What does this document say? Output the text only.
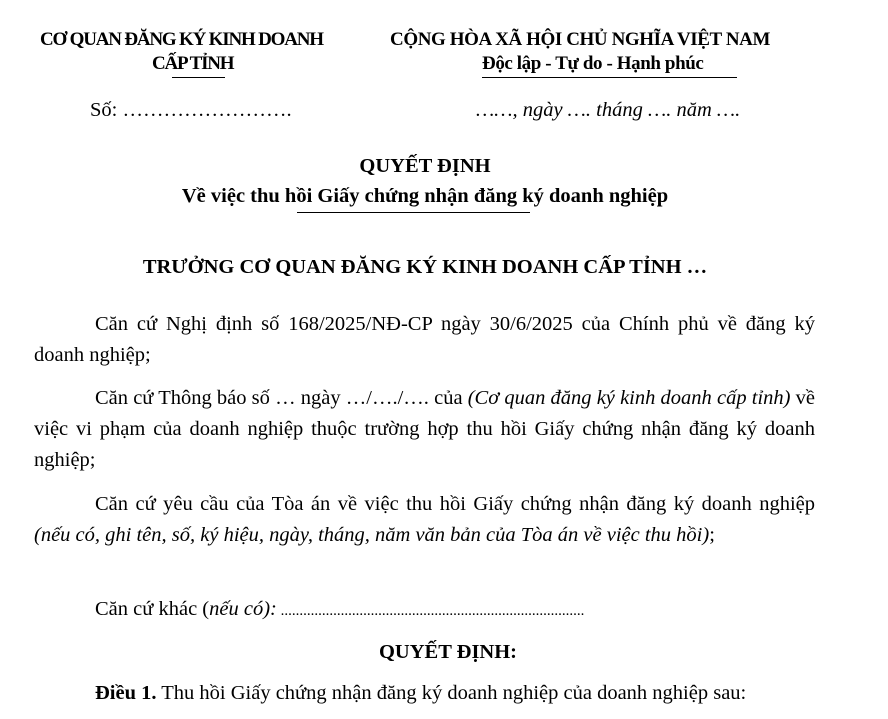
CƠ QUAN ĐĂNG KÝ KINH DOANH
CẤP TỈNH
Số: …………………….
CỘNG HÒA XÃ HỘI CHỦ NGHĨA VIỆT NAM
Độc lập - Tự do - Hạnh phúc
……, ngày …. tháng …. năm ….
QUYẾT ĐỊNH
Về việc thu hồi Giấy chứng nhận đăng ký doanh nghiệp
TRƯỞNG CƠ QUAN ĐĂNG KÝ KINH DOANH CẤP TỈNH …
Căn cứ Nghị định số 168/2025/NĐ-CP ngày 30/6/2025 của Chính phủ về đăng ký doanh nghiệp;
Căn cứ Thông báo số … ngày …/…./…. của (Cơ quan đăng ký kinh doanh cấp tỉnh) về việc vi phạm của doanh nghiệp thuộc trường hợp thu hồi Giấy chứng nhận đăng ký doanh nghiệp;
Căn cứ yêu cầu của Tòa án về việc thu hồi Giấy chứng nhận đăng ký doanh nghiệp (nếu có, ghi tên, số, ký hiệu, ngày, tháng, năm văn bản của Tòa án về việc thu hồi);
Căn cứ khác (nếu có): .................................................................................
QUYẾT ĐỊNH:
Điều 1. Thu hồi Giấy chứng nhận đăng ký doanh nghiệp của doanh nghiệp sau:
